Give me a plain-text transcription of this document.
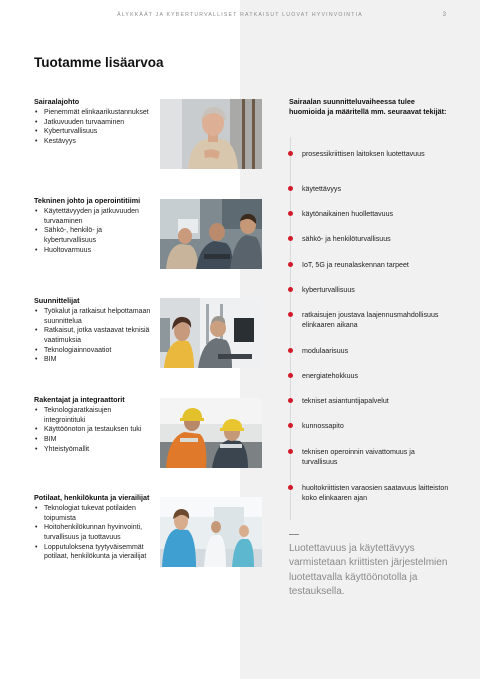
ÄLYKKÄÄT JA KYBERTURVALLISET RATKAISUT LUOVAT HYVINVOINTIA	3
Tuotamme lisäarvoa
Sairaalajohto
• Pienemmät elinkaarikustannukset
• Jatkuvuuden turvaaminen
• Kyberturvallisuus
• Kestävyys
Tekninen johto ja operointitiimi
• Käytettävyyden ja jatkuvuuden turvaaminen
• Sähkö-, henkilö- ja kyberturvallisuus
• Huoltovarmuus
Suunnittelijat
• Työkalut ja ratkaisut helpottamaan suunnittelua
• Ratkaisut, jotka vastaavat teknisiä vaatimuksia
• Teknologiainnovaatiot
• BIM
Rakentajat ja integraattorit
• Teknologiaratkaisujen integrointituki
• Käyttöönoton ja testauksen tuki
• BIM
• Yhteistyömallit
Potilaat, henkilökunta ja vierailijat
• Teknologiat tukevat potilaiden toipumista
• Hoitohenkilökunnan hyvinvointi, turvallisuus ja tuottavuus
• Lopputuloksena tyytyväisemmät potilaat, henkilökunta ja vierailijat
Sairaalan suunnitteluvaiheessa tulee huomioida ja määritellä mm. seuraavat tekijät:
prosessikriittisen laitoksen luotettavuus
käytettävyys
käytönaikainen huollettavuus
sähkö- ja henkilöturvallisuus
IoT, 5G ja reunalaskennan tarpeet
kyberturvallisuus
ratkaisujen joustava laajennusmahdollisuus elinkaaren aikana
modulaarisuus
energiatehokkuus
tekniset asiantuntijapalvelut
kunnossapito
teknisen operoinnin vaivattomuus ja turvallisuus
huoltokriittisten varaosien saatavuus laitteiston koko elinkaaren ajan
Luotettavuus ja käytettävyys varmistetaan kriittisten järjestelmien luotettavalla käyttöönotolla ja testauksella.
